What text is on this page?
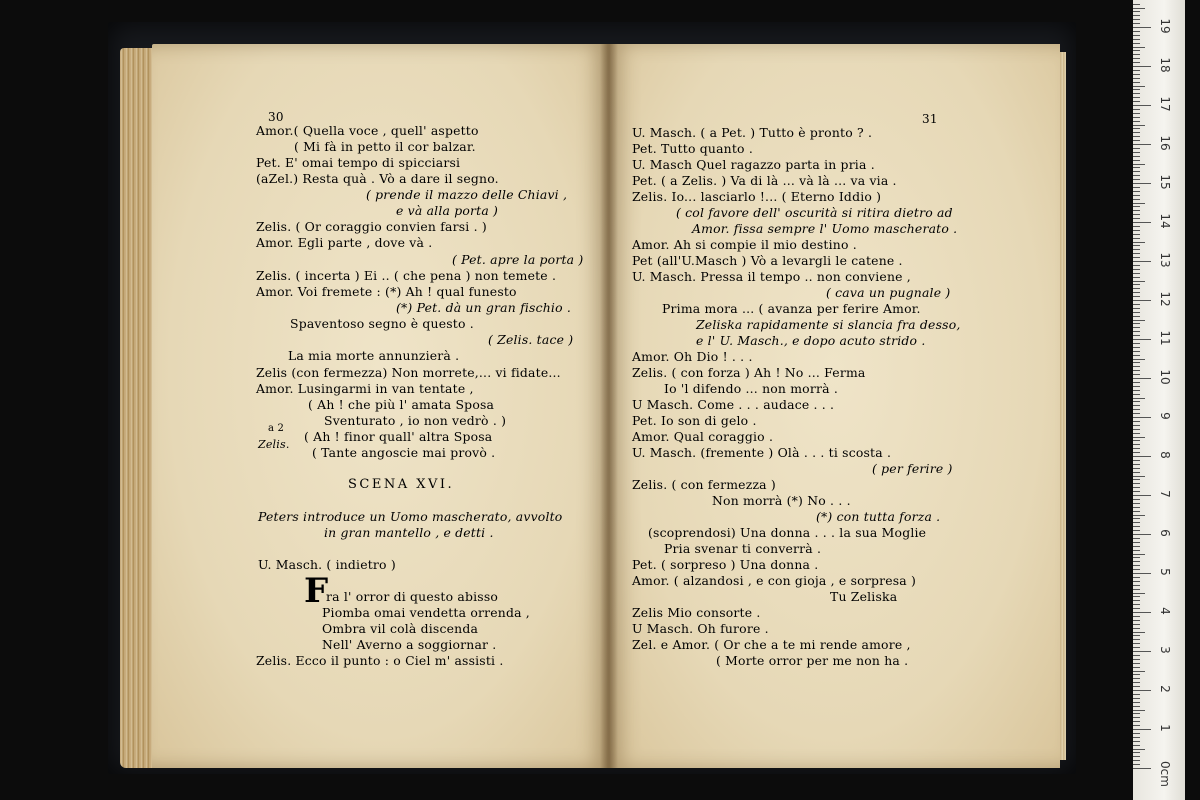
30
Amor.( Quella voce , quell' aspetto
( Mi fà in petto il cor balzar.
Pet. E' omai tempo di spicciarsi
(aZel.) Resta quà . Vò a dare il segno.
( prende il mazzo delle Chiavi ,
e và alla porta )
Zelis. ( Or coraggio convien farsi . )
Amor. Egli parte , dove và .
( Pet. apre la porta )
Zelis. ( incerta ) Ei .. ( che pena ) non temete .
Amor. Voi fremete : (*) Ah ! qual funesto
(*) Pet. dà un gran fischio .
Spaventoso segno è questo .
( Zelis. tace )
La mia morte annunzierà .
Zelis (con fermezza) Non morrete,... vi fidate...
Amor. Lusingarmi in van tentate ,
( Ah ! che più l' amata Sposa
Sventurato , io non vedrò . )
( Ah ! finor quall' altra Sposa
( Tante angoscie mai provò .
a 2
Zelis.
SCENA XVI.
Peters introduce un Uomo mascherato, avvolto
in gran mantello , e detti .
U. Masch. ( indietro )
F
ra l' orror di questo abisso
Piomba omai vendetta orrenda ,
Ombra vil colà discenda
Nell' Averno a soggiornar .
Zelis. Ecco il punto : o Ciel m' assisti .
31
U. Masch. ( a Pet. ) Tutto è pronto ? .
Pet. Tutto quanto .
U. Masch Quel ragazzo parta in pria .
Pet. ( a Zelis. ) Va di là ... và là ... va via .
Zelis. Io... lasciarlo !... ( Eterno Iddio )
( col favore dell' oscurità si ritira dietro ad
Amor. fissa sempre l' Uomo mascherato .
Amor. Ah si compie il mio destino .
Pet (all'U.Masch ) Vò a levargli le catene .
U. Masch. Pressa il tempo .. non conviene ,
( cava un pugnale )
Prima mora ... ( avanza per ferire Amor.
Zeliska rapidamente si slancia fra desso,
e l' U. Masch., e dopo acuto strido .
Amor. Oh Dio ! . . .
Zelis. ( con forza ) Ah ! No ... Ferma
Io 'l difendo ... non morrà .
U Masch. Come . . . audace . . .
Pet. Io son di gelo .
Amor. Qual coraggio .
U. Masch. (fremente ) Olà . . . ti scosta .
( per ferire )
Zelis. ( con fermezza )
Non morrà (*) No . . .
(*) con tutta forza .
(scoprendosi) Una donna . . . la sua Moglie
Pria svenar ti converrà .
Pet. ( sorpreso ) Una donna .
Amor. ( alzandosi , e con gioja , e sorpresa )
Tu Zeliska
Zelis Mio consorte .
U Masch. Oh furore .
Zel. e Amor. ( Or che a te mi rende amore ,
( Morte orror per me non ha .
0cm
1
2
3
4
5
6
7
8
9
10
11
12
13
14
15
16
17
18
19
